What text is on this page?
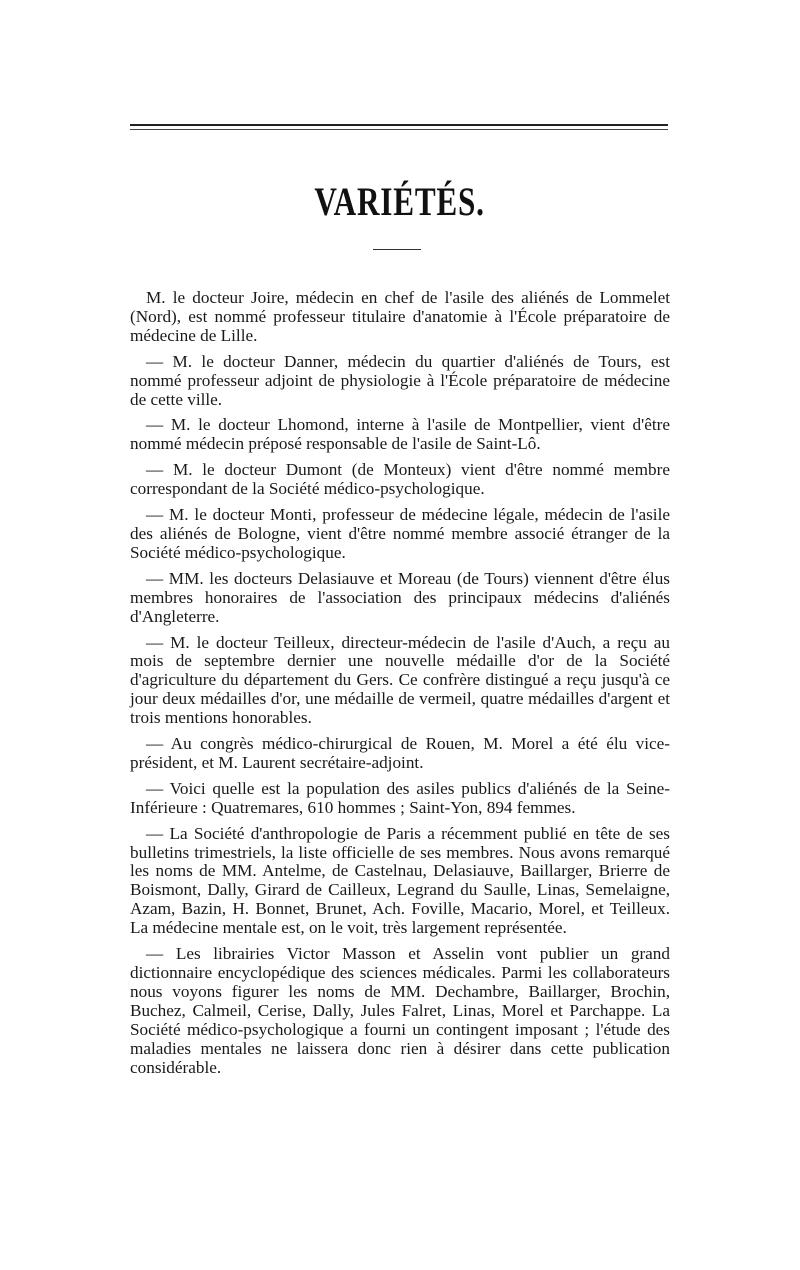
VARIÉTÉS.

M. le docteur Joire, médecin en chef de l'asile des aliénés de Lommelet (Nord), est nommé professeur titulaire d'anatomie à l'École préparatoire de médecine de Lille.

— M. le docteur Danner, médecin du quartier d'aliénés de Tours, est nommé professeur adjoint de physiologie à l'École préparatoire de médecine de cette ville.

— M. le docteur Lhomond, interne à l'asile de Montpellier, vient d'être nommé médecin préposé responsable de l'asile de Saint-Lô.

— M. le docteur Dumont (de Monteux) vient d'être nommé membre correspondant de la Société médico-psychologique.

— M. le docteur Monti, professeur de médecine légale, médecin de l'asile des aliénés de Bologne, vient d'être nommé membre associé étranger de la Société médico-psychologique.

— MM. les docteurs Delasiauve et Moreau (de Tours) viennent d'être élus membres honoraires de l'association des principaux médecins d'aliénés d'Angleterre.

— M. le docteur Teilleux, directeur-médecin de l'asile d'Auch, a reçu au mois de septembre dernier une nouvelle médaille d'or de la Société d'agriculture du département du Gers. Ce confrère distingué a reçu jusqu'à ce jour deux médailles d'or, une médaille de vermeil, quatre médailles d'argent et trois mentions honorables.

— Au congrès médico-chirurgical de Rouen, M. Morel a été élu vice-président, et M. Laurent secrétaire-adjoint.

— Voici quelle est la population des asiles publics d'aliénés de la Seine-Inférieure : Quatremares, 610 hommes ; Saint-Yon, 894 femmes.

— La Société d'anthropologie de Paris a récemment publié en tête de ses bulletins trimestriels, la liste officielle de ses membres. Nous avons remarqué les noms de MM. Antelme, de Castelnau, Delasiauve, Baillarger, Brierre de Boismont, Dally, Girard de Cailleux, Legrand du Saulle, Linas, Semelaigne, Azam, Bazin, H. Bonnet, Brunet, Ach. Foville, Macario, Morel, et Teilleux. La médecine mentale est, on le voit, très largement représentée.

— Les librairies Victor Masson et Asselin vont publier un grand dictionnaire encyclopédique des sciences médicales. Parmi les collaborateurs nous voyons figurer les noms de MM. Dechambre, Baillarger, Brochin, Buchez, Calmeil, Cerise, Dally, Jules Falret, Linas, Morel et Parchappe. La Société médico-psychologique a fourni un contingent imposant ; l'étude des maladies mentales ne laissera donc rien à désirer dans cette publication considérable.
